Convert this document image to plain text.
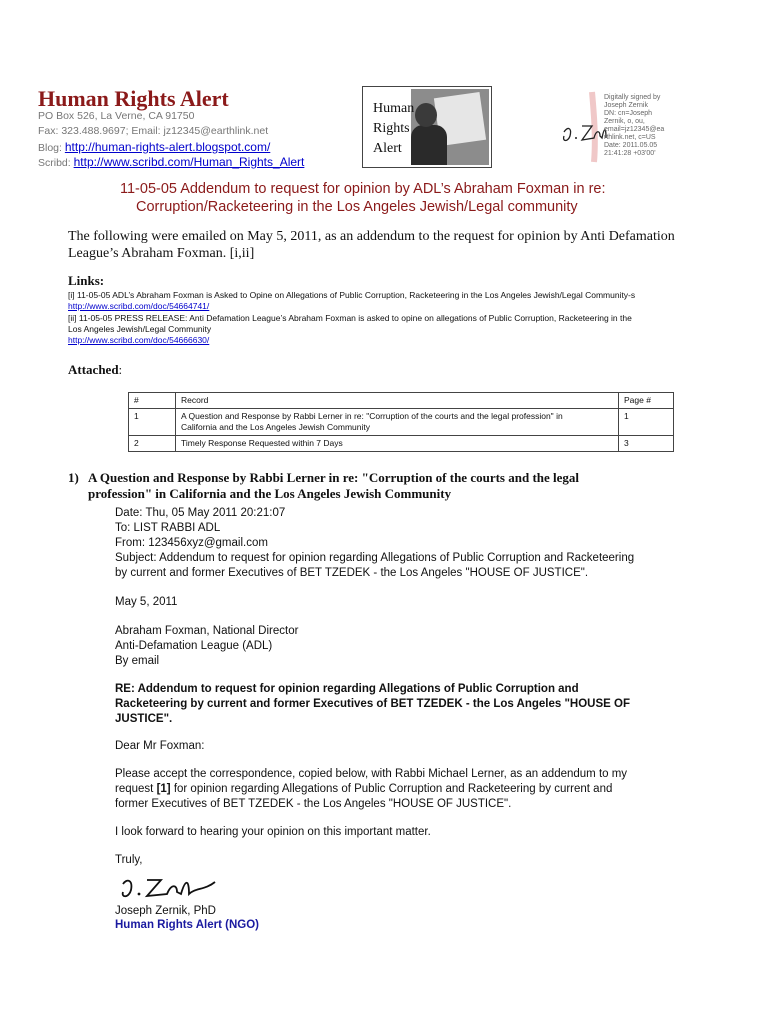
Human Rights Alert
PO Box 526, La Verne, CA 91750
Fax: 323.488.9697; Email: jz12345@earthlink.net
Blog: http://human-rights-alert.blogspot.com/
Scribd: http://www.scribd.com/Human_Rights_Alert
Human
Rights
Alert
Digitally signed by
Joseph Zernik
DN: cn=Joseph
Zernik, o, ou,
email=jz12345@ea
rthlink.net, c=US
Date: 2011.05.05
21:41:28 +03'00'
11-05-05 Addendum to request for opinion by ADL’s Abraham Foxman in re:
Corruption/Racketeering in the Los Angeles Jewish/Legal community
The following were emailed on May 5, 2011, as an addendum to the request for opinion by Anti Defamation
League’s Abraham Foxman. [i,ii]
Links:
[i] 11-05-05 ADL’s Abraham Foxman is Asked to Opine on Allegations of Public Corruption, Racketeering in the Los Angeles Jewish/Legal Community-s
http://www.scribd.com/doc/54664741/
[ii] 11-05-05 PRESS RELEASE: Anti Defamation League’s Abraham Foxman is asked to opine on allegations of Public Corruption, Racketeering in the
Los Angeles Jewish/Legal Community
http://www.scribd.com/doc/54666630/
Attached:
#	Record	Page #
1	A Question and Response by Rabbi Lerner in re: "Corruption of the courts and the legal profession" in
California and the Los Angeles Jewish Community	1
2	Timely Response Requested within 7 Days	3
1) A Question and Response by Rabbi Lerner in re: "Corruption of the courts and the legal
profession" in California and the Los Angeles Jewish Community
Date: Thu, 05 May 2011 20:21:07
To: LIST RABBI ADL
From: 123456xyz@gmail.com
Subject: Addendum to request for opinion regarding Allegations of Public Corruption and Racketeering
by current and former Executives of BET TZEDEK - the Los Angeles "HOUSE OF JUSTICE".
May 5, 2011
Abraham Foxman, National Director
Anti-Defamation League (ADL)
By email
RE: Addendum to request for opinion regarding Allegations of Public Corruption and
Racketeering by current and former Executives of BET TZEDEK - the Los Angeles "HOUSE OF
JUSTICE".
Dear Mr Foxman:
Please accept the correspondence, copied below, with Rabbi Michael Lerner, as an addendum to my
request [1] for opinion regarding Allegations of Public Corruption and Racketeering by current and
former Executives of BET TZEDEK - the Los Angeles "HOUSE OF JUSTICE".
I look forward to hearing your opinion on this important matter.
Truly,
Joseph Zernik, PhD
Human Rights Alert (NGO)
